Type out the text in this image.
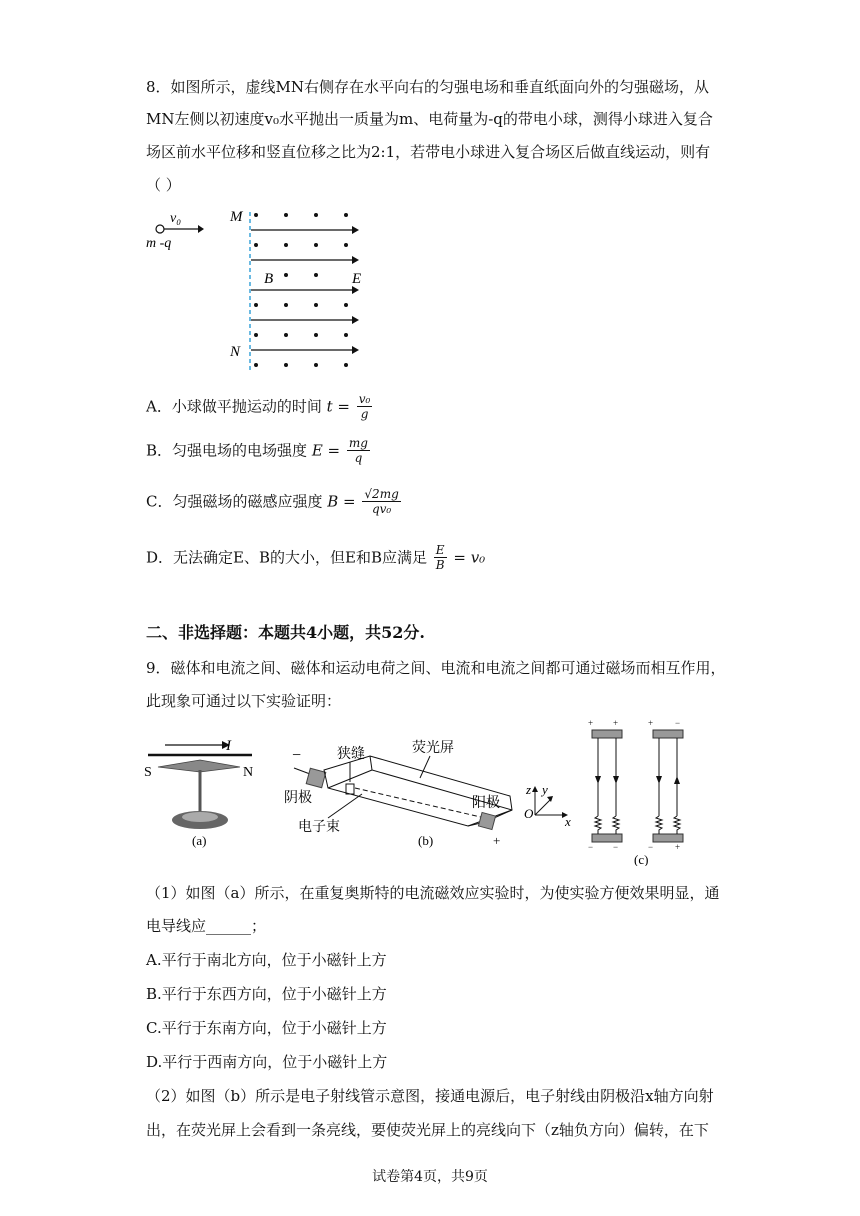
8．如图所示，虚线MN右侧存在水平向右的匀强电场和垂直纸面向外的匀强磁场，从
MN左侧以初速度v₀水平抛出一质量为m、电荷量为-q的带电小球，测得小球进入复合
场区前水平位移和竖直位移之比为2:1，若带电小球进入复合场区后做直线运动，则有
（ ）
v₀
m -q
M
N
B	E
A．小球做平抛运动的时间 $t = \frac{\text{v₀}}{g}$
B．匀强电场的电场强度 $E = \frac{mg}{q}$
C．匀强磁场的磁感应强度 $B = \frac{√2mg}{\text{qv₀}}$
D．无法确定E、B的大小，但E和B应满足 $\frac{E}{B} = v_0$
二、非选择题：本题共4小题，共52分.
9．磁体和电流之间、磁体和运动电荷之间、电流和电流之间都可通过磁场而相互作用，
此现象可通过以下实验证明：
I
S	N
(a)
−
+
狭缝	荧光屏
阴极	阳极
电子束
z y
x
O
(b)
+ +	+ −
− −	− +
(c)
（1）如图（a）所示，在重复奥斯特的电流磁效应实验时，为使实验方便效果明显，通
电导线应______；
A.平行于南北方向，位于小磁针上方
B.平行于东西方向，位于小磁针上方
C.平行于东南方向，位于小磁针上方
D.平行于西南方向，位于小磁针上方
（2）如图（b）所示是电子射线管示意图，接通电源后，电子射线由阴极沿x轴方向射
出，在荧光屏上会看到一条亮线，要使荧光屏上的亮线向下（z轴负方向）偏转，在下
试卷第4页，共9页
